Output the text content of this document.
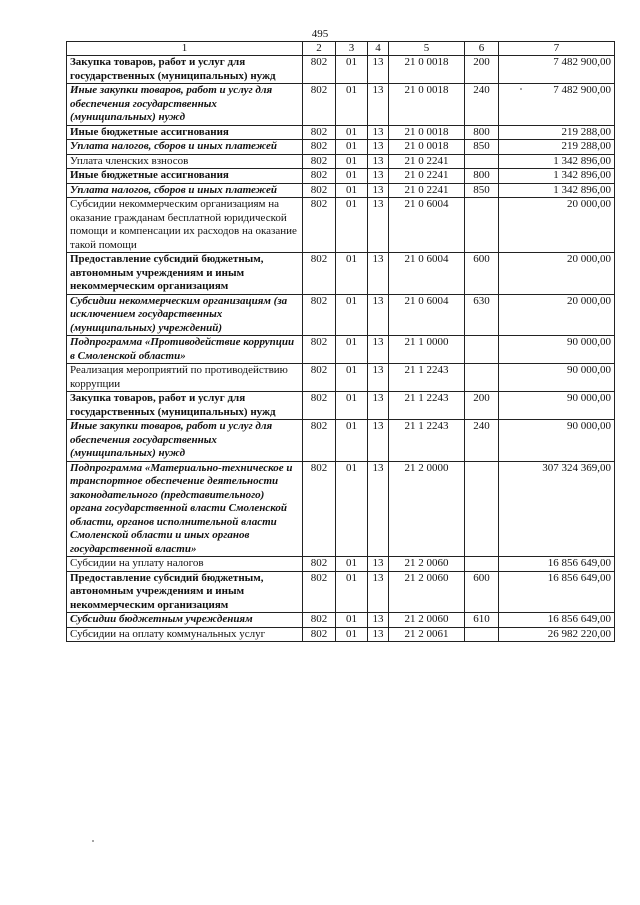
495
1	2	3	4	5	6	7
Закупка товаров, работ и услуг для государственных (муниципальных) нужд	802	01	13	21 0 0018	200	7 482 900,00
Иные закупки товаров, работ и услуг для обеспечения государственных (муниципальных) нужд	802	01	13	21 0 0018	240	7 482 900,00
Иные бюджетные ассигнования	802	01	13	21 0 0018	800	219 288,00
Уплата налогов, сборов и иных платежей	802	01	13	21 0 0018	850	219 288,00
Уплата членских взносов	802	01	13	21 0 2241		1 342 896,00
Иные бюджетные ассигнования	802	01	13	21 0 2241	800	1 342 896,00
Уплата налогов, сборов и иных платежей	802	01	13	21 0 2241	850	1 342 896,00
Субсидии некоммерческим организациям на оказание гражданам бесплатной юридической помощи и компенсации их расходов на оказание такой помощи	802	01	13	21 0 6004		20 000,00
Предоставление субсидий бюджетным, автономным учреждениям и иным некоммерческим организациям	802	01	13	21 0 6004	600	20 000,00
Субсидии некоммерческим организациям (за исключением государственных (муниципальных) учреждений)	802	01	13	21 0 6004	630	20 000,00
Подпрограмма «Противодействие коррупции в Смоленской области»	802	01	13	21 1 0000		90 000,00
Реализация мероприятий по противодействию коррупции	802	01	13	21 1 2243		90 000,00
Закупка товаров, работ и услуг для государственных (муниципальных) нужд	802	01	13	21 1 2243	200	90 000,00
Иные закупки товаров, работ и услуг для обеспечения государственных (муниципальных) нужд	802	01	13	21 1 2243	240	90 000,00
Подпрограмма «Материально-техническое и транспортное обеспечение деятельности законодательного (представительного) органа государственной власти Смоленской области, органов исполнительной власти Смоленской области и иных органов государственной власти»	802	01	13	21 2 0000		307 324 369,00
Субсидии на уплату налогов	802	01	13	21 2 0060		16 856 649,00
Предоставление субсидий бюджетным, автономным учреждениям и иным некоммерческим организациям	802	01	13	21 2 0060	600	16 856 649,00
Субсидии бюджетным учреждениям	802	01	13	21 2 0060	610	16 856 649,00
Субсидии на оплату коммунальных услуг	802	01	13	21 2 0061		26 982 220,00
